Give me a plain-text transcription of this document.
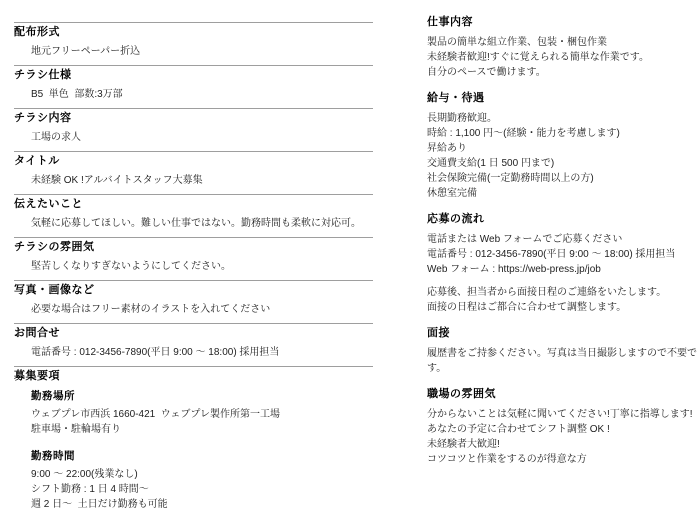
配布形式
地元フリーペーパー折込
チラシ仕様
B5  単色  部数:3万部
チラシ内容
工場の求人
タイトル
未経験 OK !アルバイトスタッフ大募集
伝えたいこと
気軽に応募してほしい。難しい仕事ではない。勤務時間も柔軟に対応可。
チラシの雰囲気
堅苦しくなりすぎないようにしてください。
写真・画像など
必要な場合はフリー素材のイラストを入れてください
お問合せ
電話番号 : 012-3456-7890(平日 9:00 〜 18:00) 採用担当
募集要項
勤務場所
ウェブプレ市西浜 1660-421  ウェブプレ製作所第一工場
駐車場・駐輪場有り
勤務時間
9:00 〜 22:00(残業なし)
シフト勤務 : 1 日 4 時間〜
週 2 日〜  土日だけ勤務も可能
仕事内容
製品の簡単な組立作業、包装・梱包作業
未経験者歓迎!すぐに覚えられる簡単な作業です。
自分のペースで働けます。
給与・待遇
長期勤務歓迎。
時給 : 1,100 円〜(経験・能力を考慮します)
昇給あり
交通費支給(1 日 500 円まで)
社会保険完備(一定勤務時間以上の方)
休憩室完備
応募の流れ
電話または Web フォームでご応募ください
電話番号 : 012-3456-7890(平日 9:00 〜 18:00) 採用担当
Web フォーム : https://web-press.jp/job
応募後、担当者から面接日程のご連絡をいたします。
面接の日程はご都合に合わせて調整します。
面接
履歴書をご持参ください。写真は当日撮影しますので不要です。
職場の雰囲気
分からないことは気軽に聞いてください!丁寧に指導します!
あなたの予定に合わせてシフト調整 OK !
未経験者大歓迎!
コツコツと作業をするのが得意な方
